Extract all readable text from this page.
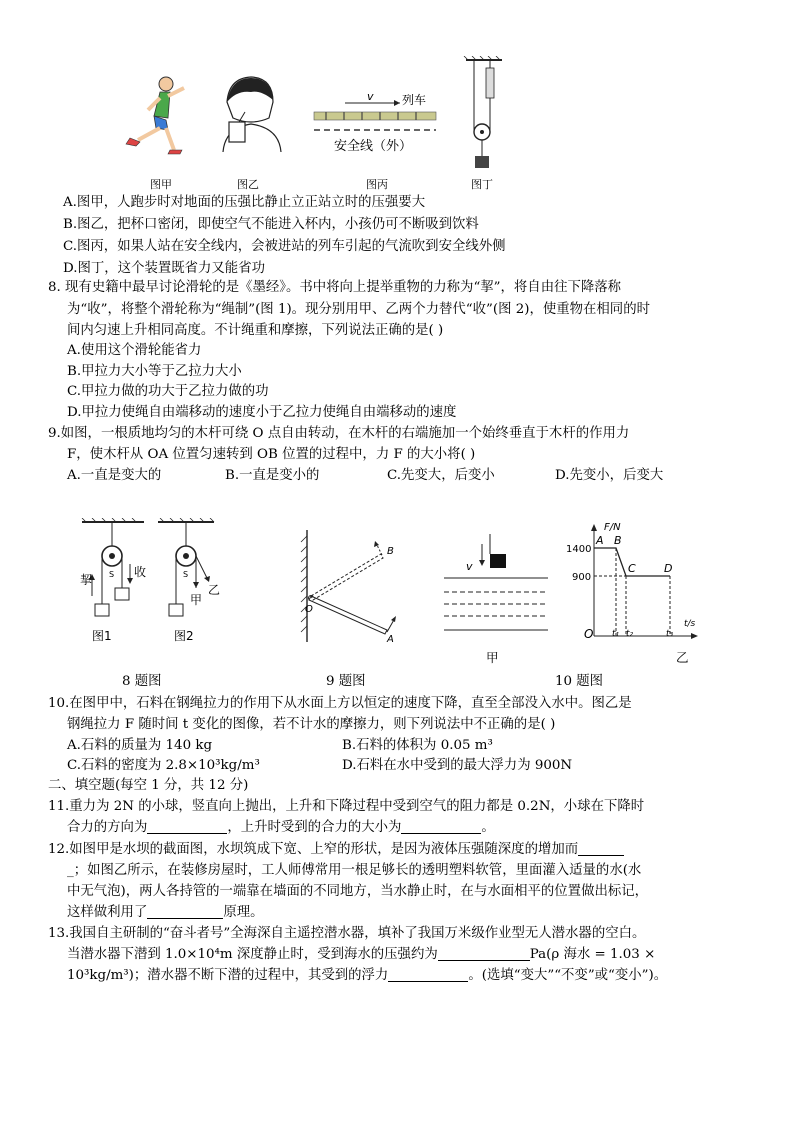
v 列车
安全线（外）
图甲	图乙	图丙	图丁
A.图甲，人跑步时对地面的压强比静止立正站立时的压强要大
B.图乙，把杯口密闭，即使空气不能进入杯内，小孩仍可不断吸到饮料
C.图丙，如果人站在安全线内，会被进站的列车引起的气流吹到安全线外侧
D.图丁，这个装置既省力又能省功
8. 现有史籍中最早讨论滑轮的是《墨经》。书中将向上提举重物的力称为“挈”，将自由往下降落称
为“收”，将整个滑轮称为“绳制”(图 1)。现分别用甲、乙两个力替代“收”(图 2)，使重物在相同的时
间内匀速上升相同高度。不计绳重和摩擦，下列说法正确的是( )
A.使用这个滑轮能省力
B.甲拉力大小等于乙拉力大小
C.甲拉力做的功大于乙拉力做的功
D.甲拉力使绳自由端移动的速度小于乙拉力使绳自由端移动的速度
9.如图，一根质地均匀的木杆可绕 O 点自由转动，在木杆的右端施加一个始终垂直于木杆的作用力
F，使木杆从 OA 位置匀速转到 OB 位置的过程中，力 F 的大小将( )
A.一直是变大的	B.一直是变小的	C.先变大，后变小	D.先变小，后变大
S
挈
收	S
甲
乙
图1	图2
O
A
B
v
甲
F/N
t/s
O
1400
900
A B
C	D
t₁ t₂	t₃
乙
8 题图	9 题图	10 题图
10.在图甲中，石料在钢绳拉力的作用下从水面上方以恒定的速度下降，直至全部没入水中。图乙是
钢绳拉力 F 随时间 t 变化的图像，若不计水的摩擦力，则下列说法中不正确的是( )
A.石料的质量为 140 kg	B.石料的体积为 0.05 m³
C.石料的密度为 2.8×10³kg/m³	D.石料在水中受到的最大浮力为 900N
二、填空题(每空 1 分，共 12 分)
11.重力为 2N 的小球，竖直向上抛出，上升和下降过程中受到空气的阻力都是 0.2N，小球在下降时
合力的方向为	，上升时受到的合力的大小为	。
12.如图甲是水坝的截面图，水坝筑成下宽、上窄的形状，是因为液体压强随深度的增加而
_；如图乙所示，在装修房屋时，工人师傅常用一根足够长的透明塑料软管，里面灌入适量的水(水
中无气泡)，两人各持管的一端靠在墙面的不同地方，当水静止时，在与水面相平的位置做出标记，
这样做利用了	原理。
13.我国自主研制的“奋斗者号”全海深自主遥控潜水器，填补了我国万米级作业型无人潜水器的空白。
当潜水器下潜到 1.0×10⁴m 深度静止时，受到海水的压强约为	Pa(ρ 海水 = 1.03 ×
10³kg/m³)；潜水器不断下潜的过程中，其受到的浮力	。(选填“变大”“不变”或“变小”)。
